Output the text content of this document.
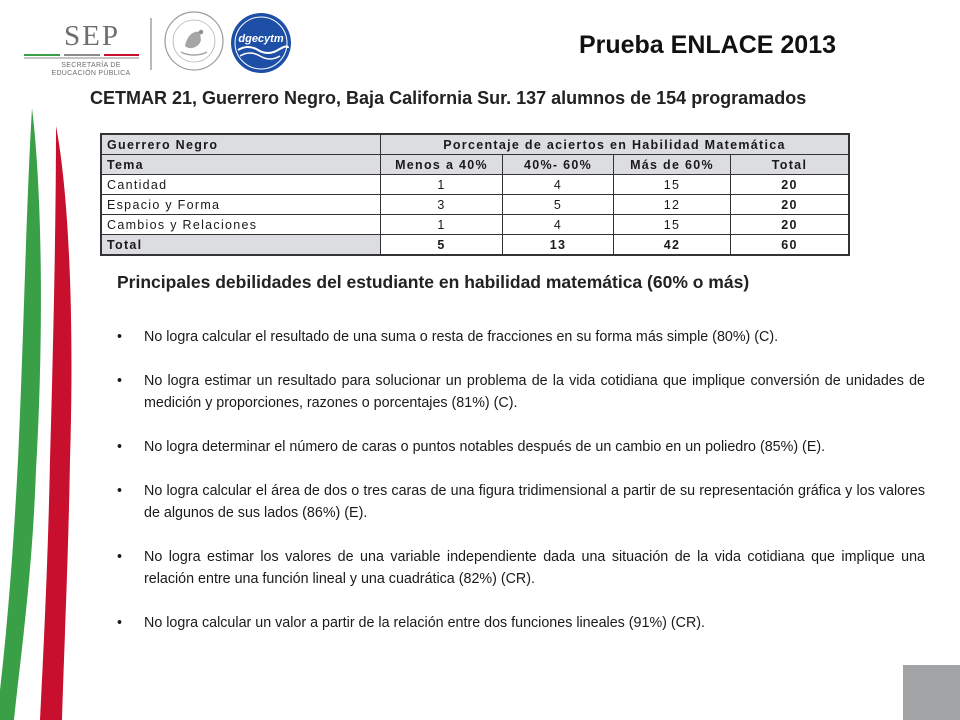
SEP
SECRETARÍA DE
EDUCACIÓN PÚBLICA
dgecytm	Prueba ENLACE 2013
CETMAR 21, Guerrero Negro, Baja California Sur. 137 alumnos de 154 programados
Guerrero Negro	Porcentaje de aciertos en Habilidad Matemática			
Tema	Menos a 40%	40%- 60%	Más de 60%	Total
Cantidad	1	4	15	20
Espacio y Forma	3	5	12	20
Cambios y Relaciones	1	4	15	20
Total	5	13	42	60
Principales debilidades del estudiante en habilidad matemática (60% o más)
• No logra calcular el resultado de una suma o resta de fracciones en su forma más simple (80%) (C).
• No logra estimar un resultado para solucionar un problema de la vida cotidiana que implique conversión de unidades de medición y proporciones, razones o porcentajes (81%) (C).
• No logra determinar el número de caras o puntos notables después de un cambio en un poliedro (85%) (E).
• No logra calcular el área de dos o tres caras de una figura tridimensional a partir de su representación gráfica y los valores de algunos de sus lados (86%) (E).
• No logra estimar los valores de una variable independiente dada una situación de la vida cotidiana que implique una relación entre una función lineal y una cuadrática (82%) (CR).
• No logra calcular un valor a partir de la relación entre dos funciones lineales (91%) (CR).
